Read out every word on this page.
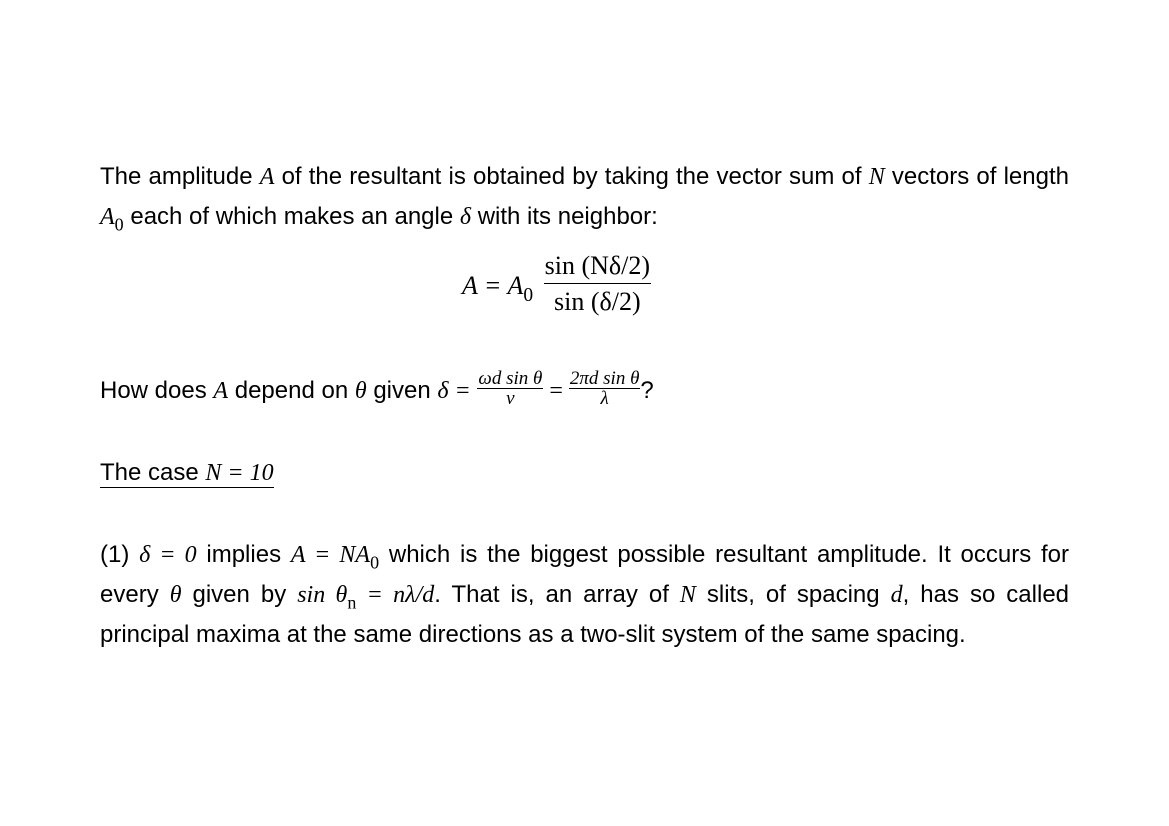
The amplitude A of the resultant is obtained by taking the vector sum of N vectors of length $A_0$ each of which makes an angle δ with its neighbor:

$A = A_0 \frac{\sin (N\delta/2)}{\sin (\delta/2)}$

How does A depend on θ given $\delta = \frac{\text{ωd sin θ}}{v} = \frac{\text{2πd sin θ}}{\lambda}$ ?

The case N = 10

(1) δ = 0 implies $A = NA_0$ which is the biggest possible resultant amplitude. It occurs for every θ given by $\sin \theta_n = n\lambda/d$. That is, an array of N slits, of spacing d, has so called principal maxima at the same directions as a two-slit system of the same spacing.
